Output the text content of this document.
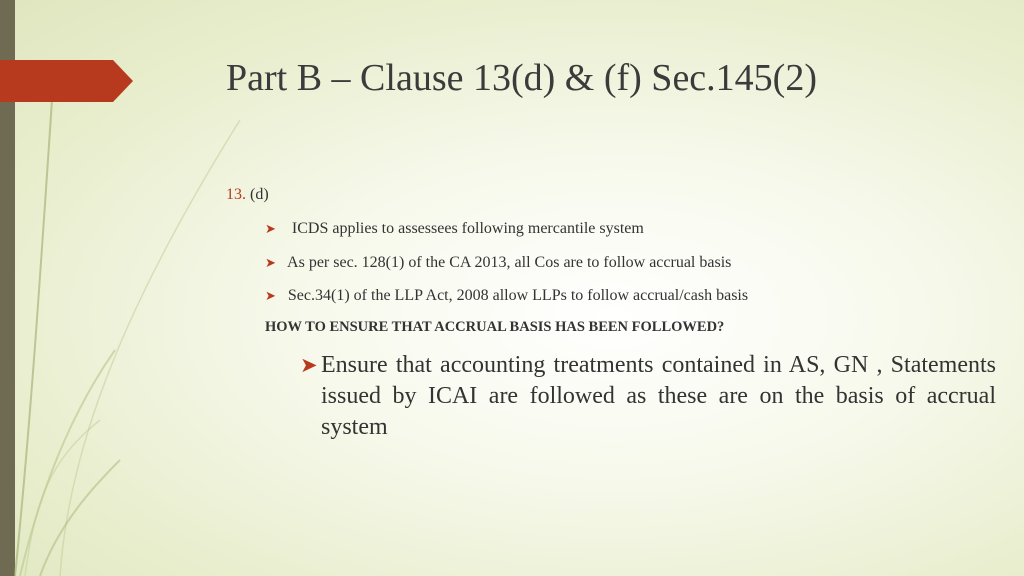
Part B – Clause 13(d) & (f) Sec.145(2)
13. (d)
➤ ICDS applies to assessees following mercantile system
➤ As per sec. 128(1) of the CA 2013, all Cos are to follow accrual basis
➤ Sec.34(1) of the LLP Act, 2008 allow LLPs to follow accrual/cash basis
HOW TO ENSURE THAT ACCRUAL BASIS HAS BEEN FOLLOWED?
➤ Ensure that accounting treatments contained in AS, GN , Statements issued by ICAI are followed as these are on the basis of accrual system
